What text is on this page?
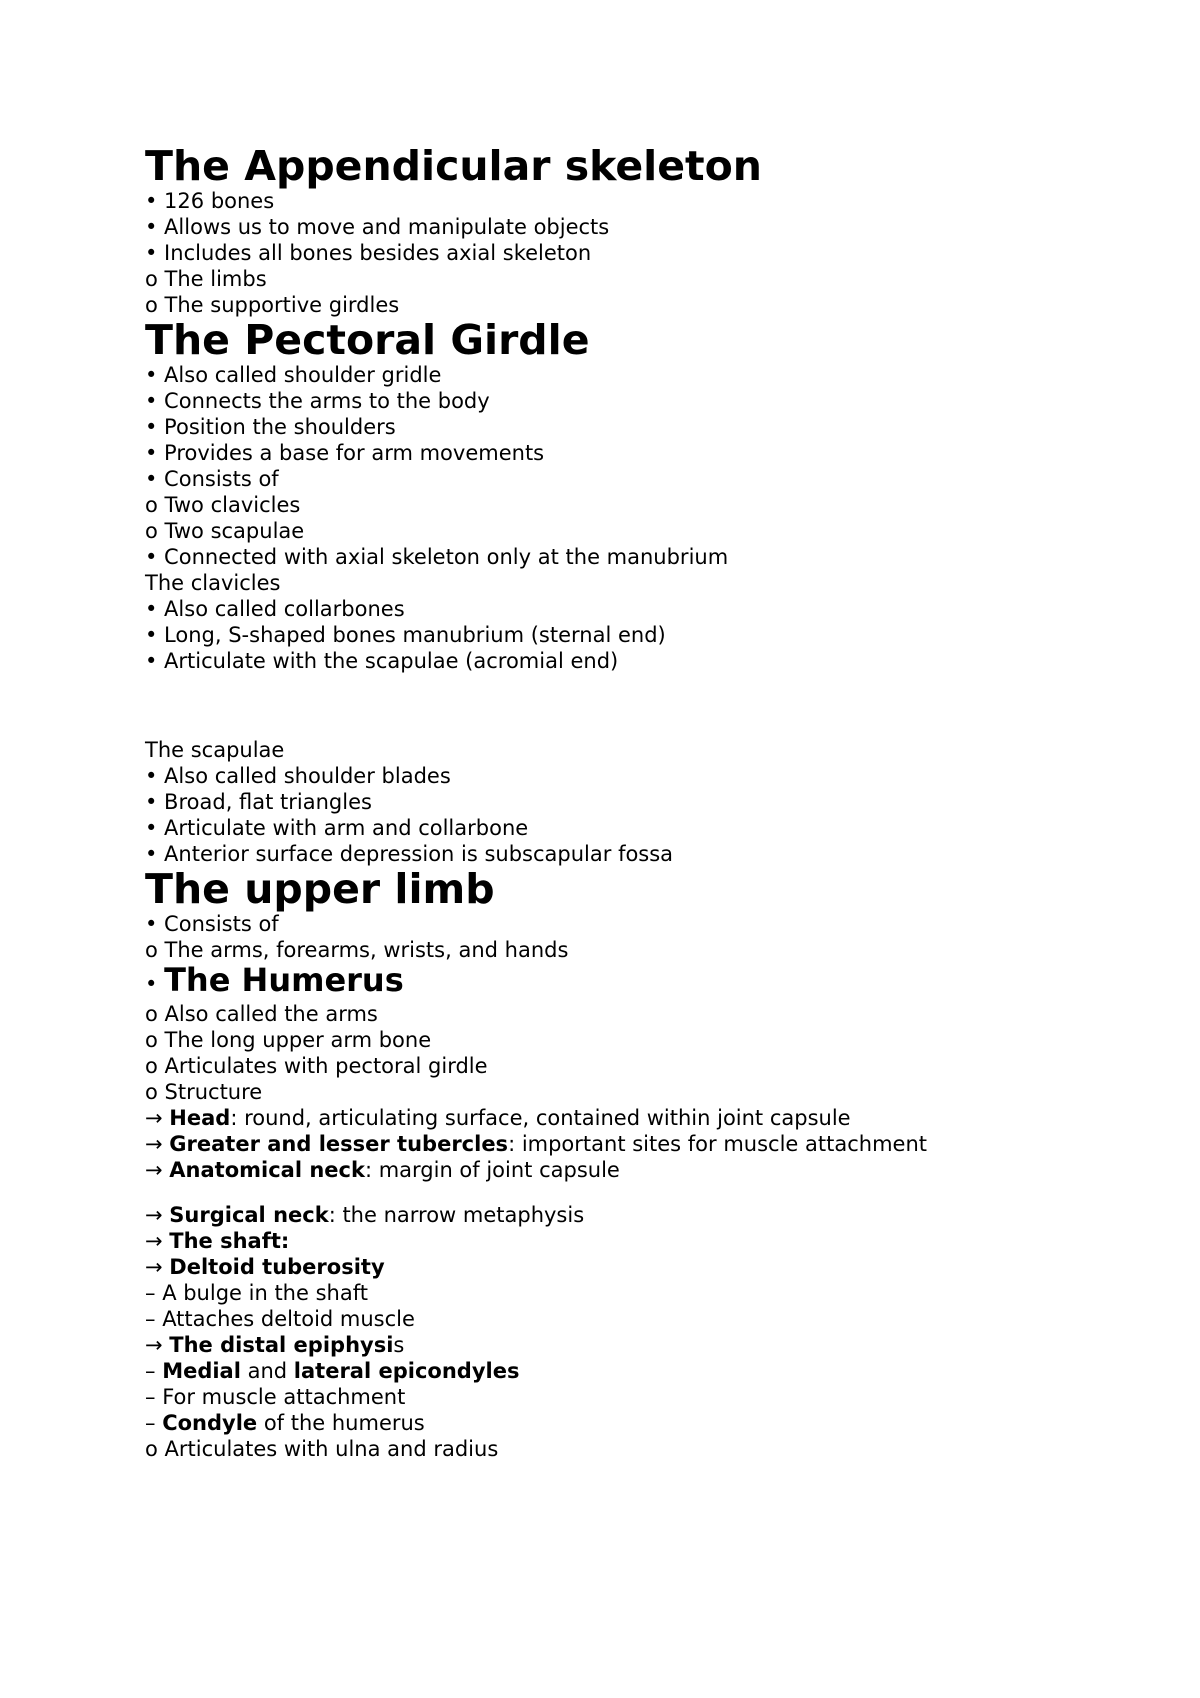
The Appendicular skeleton
• 126 bones
• Allows us to move and manipulate objects
• Includes all bones besides axial skeleton
o The limbs
o The supportive girdles
The Pectoral Girdle
• Also called shoulder gridle
• Connects the arms to the body
• Position the shoulders
• Provides a base for arm movements
• Consists of
o Two clavicles
o Two scapulae
• Connected with axial skeleton only at the manubrium
The clavicles
• Also called collarbones
• Long, S-shaped bones manubrium (sternal end)
• Articulate with the scapulae (acromial end)
The scapulae
• Also called shoulder blades
• Broad, flat triangles
• Articulate with arm and collarbone
• Anterior surface depression is subscapular fossa
The upper limb
• Consists of
o The arms, forearms, wrists, and hands
• The Humerus
o Also called the arms
o The long upper arm bone
o Articulates with pectoral girdle
o Structure
→ Head: round, articulating surface, contained within joint capsule
→ Greater and lesser tubercles: important sites for muscle attachment
→ Anatomical neck: margin of joint capsule
→ Surgical neck: the narrow metaphysis
→ The shaft:
→ Deltoid tuberosity
– A bulge in the shaft
– Attaches deltoid muscle
→ The distal epiphysis
– Medial and lateral epicondyles
– For muscle attachment
– Condyle of the humerus
o Articulates with ulna and radius
